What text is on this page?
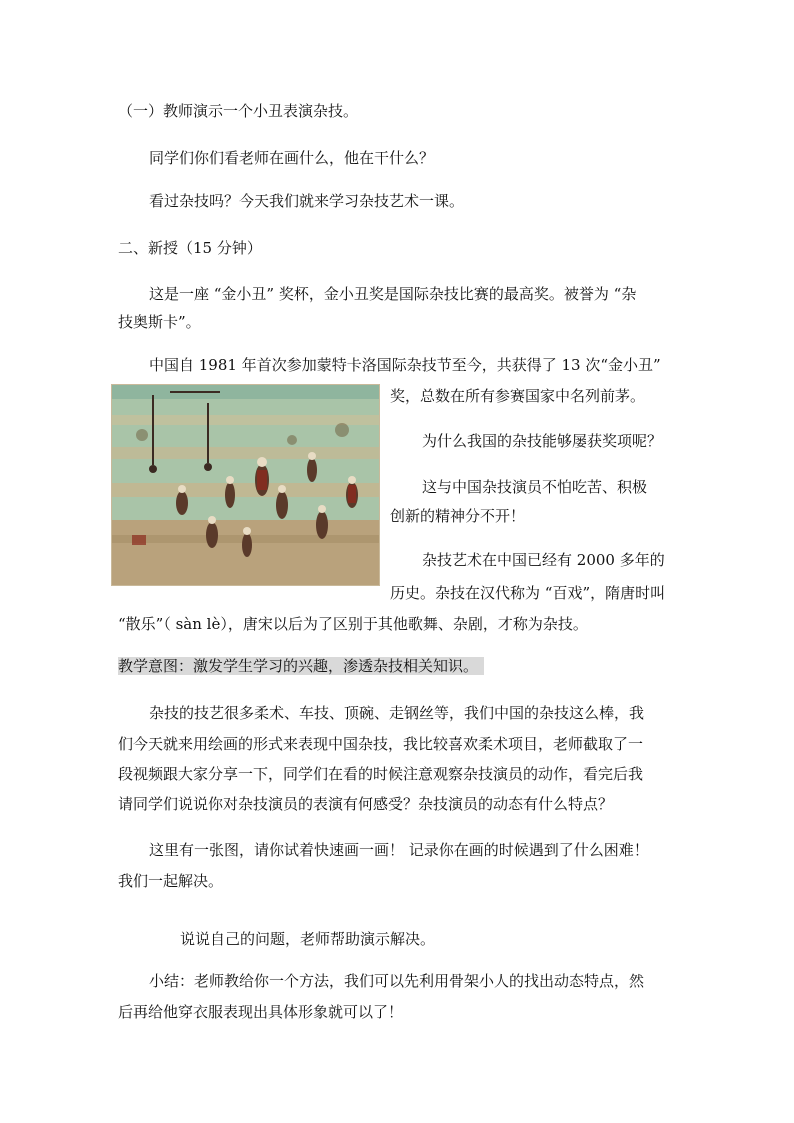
（一）教师演示一个小丑表演杂技。
同学们你们看老师在画什么，他在干什么？
看过杂技吗？今天我们就来学习杂技艺术一课。
二、新授（15 分钟）
这是一座 “金小丑” 奖杯，金小丑奖是国际杂技比赛的最高奖。被誉为 “杂
技奥斯卡”。
中国自 1981 年首次参加蒙特卡洛国际杂技节至今，共获得了 13 次“金小丑”
奖，总数在所有参赛国家中名列前茅。
为什么我国的杂技能够屡获奖项呢？
这与中国杂技演员不怕吃苦、积极
创新的精神分不开！
杂技艺术在中国已经有 2000 多年的
历史。杂技在汉代称为 “百戏”，隋唐时叫
“散乐”（ sàn lè），唐宋以后为了区别于其他歌舞、杂剧，才称为杂技。
教学意图：激发学生学习的兴趣，渗透杂技相关知识。
杂技的技艺很多柔术、车技、顶碗、走钢丝等，我们中国的杂技这么棒，我
们今天就来用绘画的形式来表现中国杂技，我比较喜欢柔术项目，老师截取了一
段视频跟大家分享一下，同学们在看的时候注意观察杂技演员的动作，看完后我
请同学们说说你对杂技演员的表演有何感受？杂技演员的动态有什么特点？
这里有一张图，请你试着快速画一画！ 记录你在画的时候遇到了什么困难！
我们一起解决。
说说自己的问题，老师帮助演示解决。
小结：老师教给你一个方法，我们可以先利用骨架小人的找出动态特点，然
后再给他穿衣服表现出具体形象就可以了！
